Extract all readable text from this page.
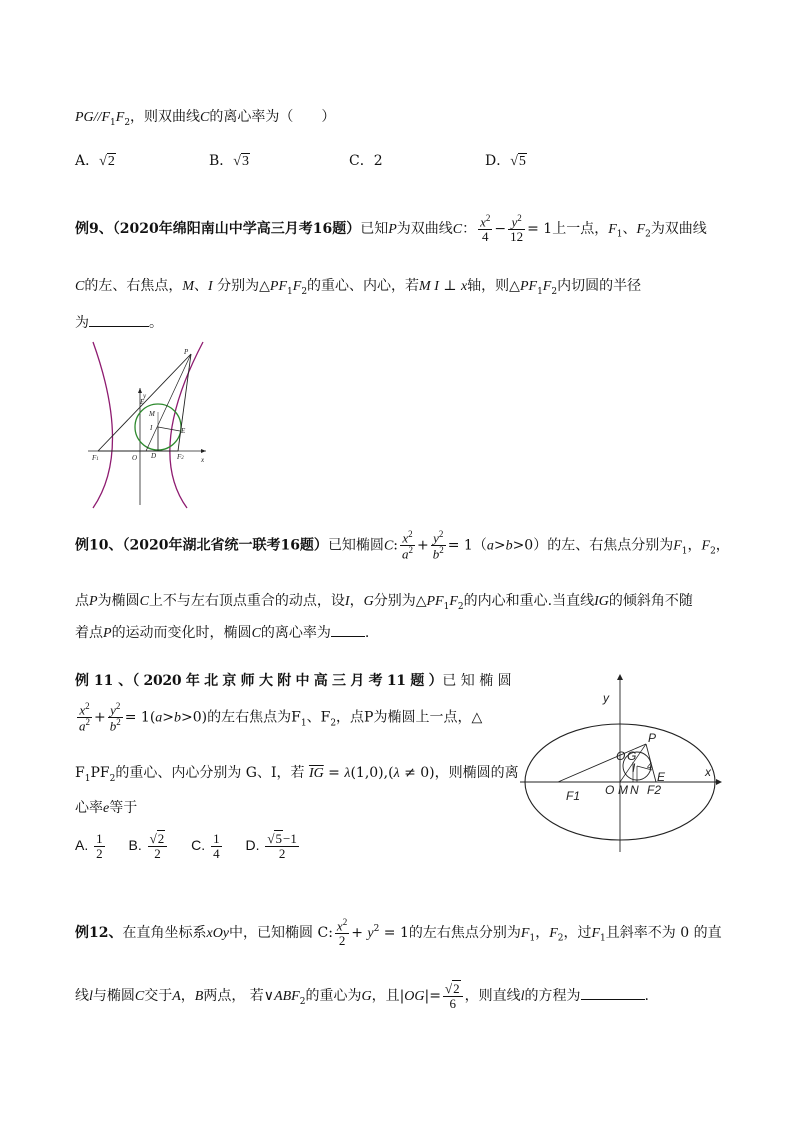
$PG//F_1F_2$，则双曲线C的离心率为（　　）
A．√2	B．√3	C．2	D．√5
例9、（2020年绵阳南山中学高三月考16题）已知P为双曲线C： $\frac{x^2}{4} - \frac{y^2}{12} = 1$上一点，$F_1$、$F_2$为双曲线
C的左、右焦点，M、I 分别为$\triangle PF_1F_2$的重心、内心，若M I ⊥ x轴，则$\triangle PF_1F_2$内切圆的半径
为	。
P
y
M
I	E
F1	O D	F2 x
E
例10、（2020年湖北省统一联考16题）已知椭圆C: $\frac{x^2}{a^2} + \frac{y^2}{b^2} = 1(a>b>0)$的左、右焦点分别为$F_1$，$F_2$，
点P为椭圆C上不与左右顶点重合的动点，设I，G分别为$\triangle PF_1F_2$的内心和重心.当直线IG的倾斜角不随
着点P的运动而变化时，椭圆C的离心率为 .
例 11 、（ 2020 年 北 京 师 大 附 中 高 三 月 考 11 题 ）已 知 椭 圆
$\frac{x^2}{a^2} + \frac{y^2}{b^2} = 1(a>b>0)$的左右焦点为$F_1$、$F_2$，点P为椭圆上一点，△
$F_1PF_2$的重心、内心分别为 G、I，若 $\overline{IG} = \lambda(1,0),(\lambda \ne 0)$，则椭圆的离
心率e等于
A. $\frac{1}{2} B$. $\frac{√2}{2} C$. $\frac{1}{4} D$. $\frac{√5-1}{2}$
y
P
O G
I 4
E	x
F1 O M N F2
例12、在直角坐标系xOy中，已知椭圆 C: $\frac{x^2}{2} + y^2 = 1$的左右焦点分别为$F_1$，$F_2$，过$F_1$且斜率不为 0 的直
线l与椭圆C交于A，B两点， 若$\vee ABF_2$的重心为G，且$|OG|= \frac{√2}{6}$ ，则直线l的方程为	.
